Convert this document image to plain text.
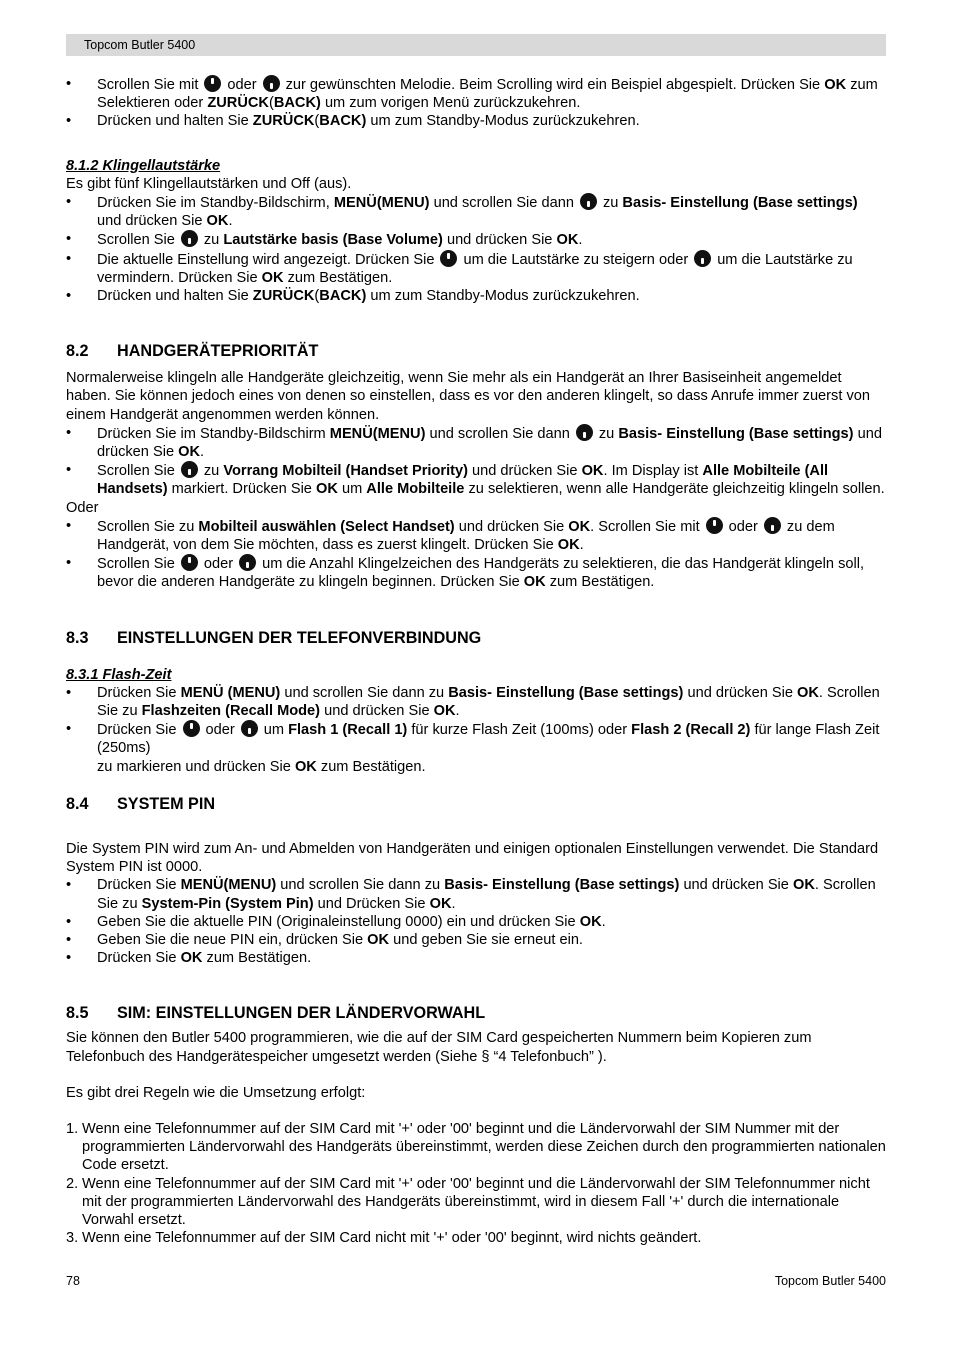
Topcom Butler 5400
• Scrollen Sie mit oder zur gewünschten Melodie. Beim Scrolling wird ein Beispiel abgespielt. Drücken Sie OK zum Selektieren oder ZURÜCK(BACK) um zum vorigen Menü zurückzukehren.
• Drücken und halten Sie ZURÜCK(BACK) um zum Standby-Modus zurückzukehren.

8.1.2 Klingellautstärke

Es gibt fünf Klingellautstärken und Off (aus).

• Drücken Sie im Standby-Bildschirm, MENÜ(MENU) und scrollen Sie dann zu Basis- Einstellung (Base settings) und drücken Sie OK.
• Scrollen Sie zu Lautstärke basis (Base Volume) und drücken Sie OK.
• Die aktuelle Einstellung wird angezeigt. Drücken Sie um die Lautstärke zu steigern oder um die Lautstärke zu vermindern. Drücken Sie OK zum Bestätigen.
• Drücken und halten Sie ZURÜCK(BACK) um zum Standby-Modus zurückzukehren.
8.2	HANDGERÄTEPRIORITÄT

Normalerweise klingeln alle Handgeräte gleichzeitig, wenn Sie mehr als ein Handgerät an Ihrer Basiseinheit angemeldet haben. Sie können jedoch eines von denen so einstellen, dass es vor den anderen klingelt, so dass Anrufe immer zuerst von einem Handgerät angenommen werden können.

• Drücken Sie im Standby-Bildschirm MENÜ(MENU) und scrollen Sie dann zu Basis- Einstellung (Base settings) und drücken Sie OK.
• Scrollen Sie zu Vorrang Mobilteil (Handset Priority) und drücken Sie OK. Im Display ist Alle Mobilteile (All Handsets) markiert. Drücken Sie OK um Alle Mobilteile zu selektieren, wenn alle Handgeräte gleichzeitig klingeln sollen.

Oder

• Scrollen Sie zu Mobilteil auswählen (Select Handset) und drücken Sie OK. Scrollen Sie mit oder zu dem Handgerät, von dem Sie möchten, dass es zuerst klingelt. Drücken Sie OK.
• Scrollen Sie oder um die Anzahl Klingelzeichen des Handgeräts zu selektieren, die das Handgerät klingeln soll, bevor die anderen Handgeräte zu klingeln beginnen. Drücken Sie OK zum Bestätigen.
8.3	EINSTELLUNGEN DER TELEFONVERBINDUNG

8.3.1 Flash-Zeit

• Drücken Sie MENÜ (MENU) und scrollen Sie dann zu Basis- Einstellung (Base settings) und drücken Sie OK. Scrollen Sie zu Flashzeiten (Recall Mode) und drücken Sie OK.
• Drücken Sie oder um Flash 1 (Recall 1) für kurze Flash Zeit (100ms) oder Flash 2 (Recall 2) für lange Flash Zeit (250ms)
zu markieren und drücken Sie OK zum Bestätigen.
8.4	SYSTEM PIN

Die System PIN wird zum An- und Abmelden von Handgeräten und einigen optionalen Einstellungen verwendet. Die Standard System PIN ist 0000.

• Drücken Sie MENÜ(MENU) und scrollen Sie dann zu Basis- Einstellung (Base settings) und drücken Sie OK. Scrollen Sie zu System-Pin (System Pin) und Drücken Sie OK.
• Geben Sie die aktuelle PIN (Originaleinstellung 0000) ein und drücken Sie OK.
• Geben Sie die neue PIN ein, drücken Sie OK und geben Sie sie erneut ein.
• Drücken Sie OK zum Bestätigen.
8.5	SIM: EINSTELLUNGEN DER LÄNDERVORWAHL

Sie können den Butler 5400 programmieren, wie die auf der SIM Card gespeicherten Nummern beim Kopieren zum Telefonbuch des Handgerätespeicher umgesetzt werden (Siehe § “4 Telefonbuch” ).

Es gibt drei Regeln wie die Umsetzung erfolgt:

1. Wenn eine Telefonnummer auf der SIM Card mit '+' oder '00' beginnt und die Ländervorwahl der SIM Nummer mit der programmierten Ländervorwahl des Handgeräts übereinstimmt, werden diese Zeichen durch den programmierten nationalen Code ersetzt.
2. Wenn eine Telefonnummer auf der SIM Card mit '+' oder '00' beginnt und die Ländervorwahl der SIM Telefonnummer nicht mit der programmierten Ländervorwahl des Handgeräts übereinstimmt, wird in diesem Fall '+' durch die internationale Vorwahl ersetzt.
3. Wenn eine Telefonnummer auf der SIM Card nicht mit '+' oder '00' beginnt, wird nichts geändert.
78	Topcom Butler 5400
